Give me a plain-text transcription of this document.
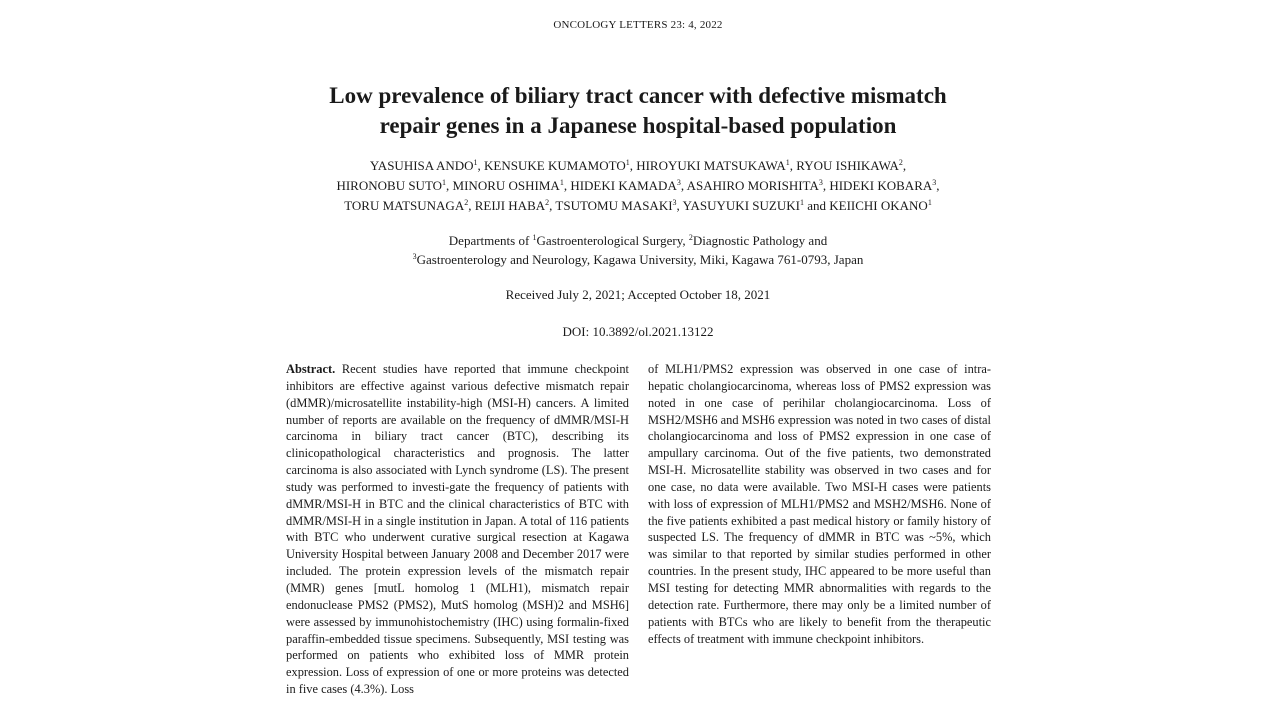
ONCOLOGY LETTERS 23: 4, 2022
Low prevalence of biliary tract cancer with defective mismatch
repair genes in a Japanese hospital-based population
YASUHISA ANDO$^1$, KENSUKE KUMAMOTO$^1$, HIROYUKI MATSUKAWA$^1$, RYOU ISHIKAWA$^2$,
HIRONOBU SUTO$^1$, MINORU OSHIMA$^1$, HIDEKI KAMADA$^3$, ASAHIRO MORISHITA$^3$, HIDEKI KOBARA$^3$,
TORU MATSUNAGA$^2$, REIJI HABA$^2$, TSUTOMU MASAKI$^3$, YASUYUKI SUZUKI$^1$ and KEIICHI OKANO$^1$
Departments of $^1$Gastroenterological Surgery, $^2$Diagnostic Pathology and
$^3$Gastroenterology and Neurology, Kagawa University, Miki, Kagawa 761-0793, Japan
Received July 2, 2021; Accepted October 18, 2021
DOI: 10.3892/ol.2021.13122
Abstract. Recent studies have reported that immune checkpoint inhibitors are effective against various defective mismatch repair (dMMR)/microsatellite instability-high (MSI-H) cancers. A limited number of reports are available on the frequency of dMMR/MSI-H carcinoma in biliary tract cancer (BTC), describing its clinicopathological characteristics and prognosis. The latter carcinoma is also associated with Lynch syndrome (LS). The present study was performed to investi-gate the frequency of patients with dMMR/MSI-H in BTC and the clinical characteristics of BTC with dMMR/MSI-H in a single institution in Japan. A total of 116 patients with BTC who underwent curative surgical resection at Kagawa University Hospital between January 2008 and December 2017 were included. The protein expression levels of the mismatch repair (MMR) genes [mutL homolog 1 (MLH1), mismatch repair endonuclease PMS2 (PMS2), MutS homolog (MSH)2 and MSH6] were assessed by immunohistochemistry (IHC) using formalin-fixed paraffin-embedded tissue specimens. Subsequently, MSI testing was performed on patients who exhibited loss of MMR protein expression. Loss of expression of one or more proteins was detected in five cases (4.3%). Loss
of MLH1/PMS2 expression was observed in one case of intra-hepatic cholangiocarcinoma, whereas loss of PMS2 expression was noted in one case of perihilar cholangiocarcinoma. Loss of MSH2/MSH6 and MSH6 expression was noted in two cases of distal cholangiocarcinoma and loss of PMS2 expression in one case of ampullary carcinoma. Out of the five patients, two demonstrated MSI-H. Microsatellite stability was observed in two cases and for one case, no data were available. Two MSI-H cases were patients with loss of expression of MLH1/PMS2 and MSH2/MSH6. None of the five patients exhibited a past medical history or family history of suspected LS. The frequency of dMMR in BTC was ~5%, which was similar to that reported by similar studies performed in other countries. In the present study, IHC appeared to be more useful than MSI testing for detecting MMR abnormalities with regards to the detection rate. Furthermore, there may only be a limited number of patients with BTCs who are likely to benefit from the therapeutic effects of treatment with immune checkpoint inhibitors.
